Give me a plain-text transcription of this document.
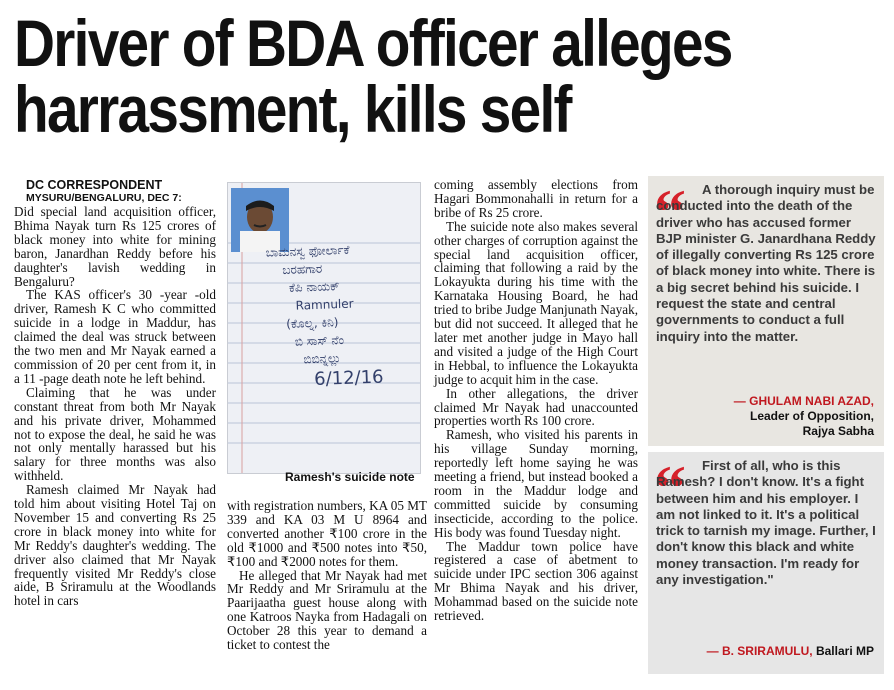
Driver of BDA officer alleges
harrassment, kills self

DC CORRESPONDENT

MYSURU/BENGALURU, DEC 7:

Did special land acquisition officer, Bhima Nayak turn Rs 125 crores of black money into white for mining baron, Janardhan Reddy before his daughter's lavish wedding in Bengaluru?

The KAS officer's 30 -year -old driver, Ramesh K C who committed suicide in a lodge in Maddur, has claimed the deal was struck between the two men and Mr Nayak earned a commission of 20 per cent from it, in a 11 -page death note he left behind.

Claiming that he was under constant threat from both Mr Nayak and his private driver, Mohammed not to expose the deal, he said he was not only mentally harassed but his salary for three months was also withheld.

Ramesh claimed Mr Nayak had told him about visiting Hotel Taj on November 15 and converting Rs 25 crore in black money into white for Mr Reddy's daughter's wedding. The driver also claimed that Mr Nayak frequently visited Mr Reddy's close aide, B Sriramulu at the Woodlands hotel in cars

ಬಾಮನಸ್ವ ಫೋರ್ಲಾಕೆ
ಬರಹಗಾರ
ಕೆಪಿ ನಾಯಕ್
Ramnuler
(ಕೊಲ್ನ, ಕಿನಿ)
ಬಿ ಸಾಸ್ ನೆಂ
ಬಿಬಿನ್ನಲ್ಲು
6/12/16
Ramesh's suicide note

with registration numbers, KA 05 MT 339 and KA 03 M U 8964 and converted another ₹100 crore in the old ₹1000 and ₹500 notes into ₹50, ₹100 and ₹2000 notes for them.

He alleged that Mr Nayak had met Mr Reddy and Mr Sriramulu at the Paarijaatha guest house along with one Katroos Nayka from Hadagali on October 28 this year to demand a ticket to contest the

coming assembly elections from Hagari Bommonahalli in return for a bribe of Rs 25 crore.

The suicide note also makes several other charges of corruption against the special land acquisition officer, claiming that following a raid by the Lokayukta during his time with the Karnataka Housing Board, he had tried to bribe Judge Manjunath Nayak, but did not succeed. It alleged that he later met another judge in Mayo hall and visited a judge of the High Court in Hebbal, to influence the Lokayukta judge to acquit him in the case.

In other allegations, the driver claimed Mr Nayak had unaccounted properties worth Rs 100 crore.

Ramesh, who visited his parents in his village Sunday morning, reportedly left home saying he was meeting a friend, but instead booked a room in the Maddur lodge and committed suicide by consuming insecticide, according to the police. His body was found Tuesday night.

The Maddur town police have registered a case of abetment to suicide under IPC section 306 against Mr Bhima Nayak and his driver, Mohammad based on the suicide note retrieved.

“	A thorough inquiry must be conducted into the death of the driver who has accused former BJP minister G. Janardhana Reddy of illegally converting Rs 125 crore of black money into white. There is a big secret behind his suicide. I request the state and central governments to conduct a full inquiry into the matter.
— GHULAM NABI AZAD,
Leader of Opposition,
Rajya Sabha
“	First of all, who is this Ramesh? I don't know. It's a fight between him and his employer. I am not linked to it. It's a political trick to tarnish my image. Further, I don't know this black and white money transaction. I'm ready for any investigation."
— B. SRIRAMULU, Ballari MP
